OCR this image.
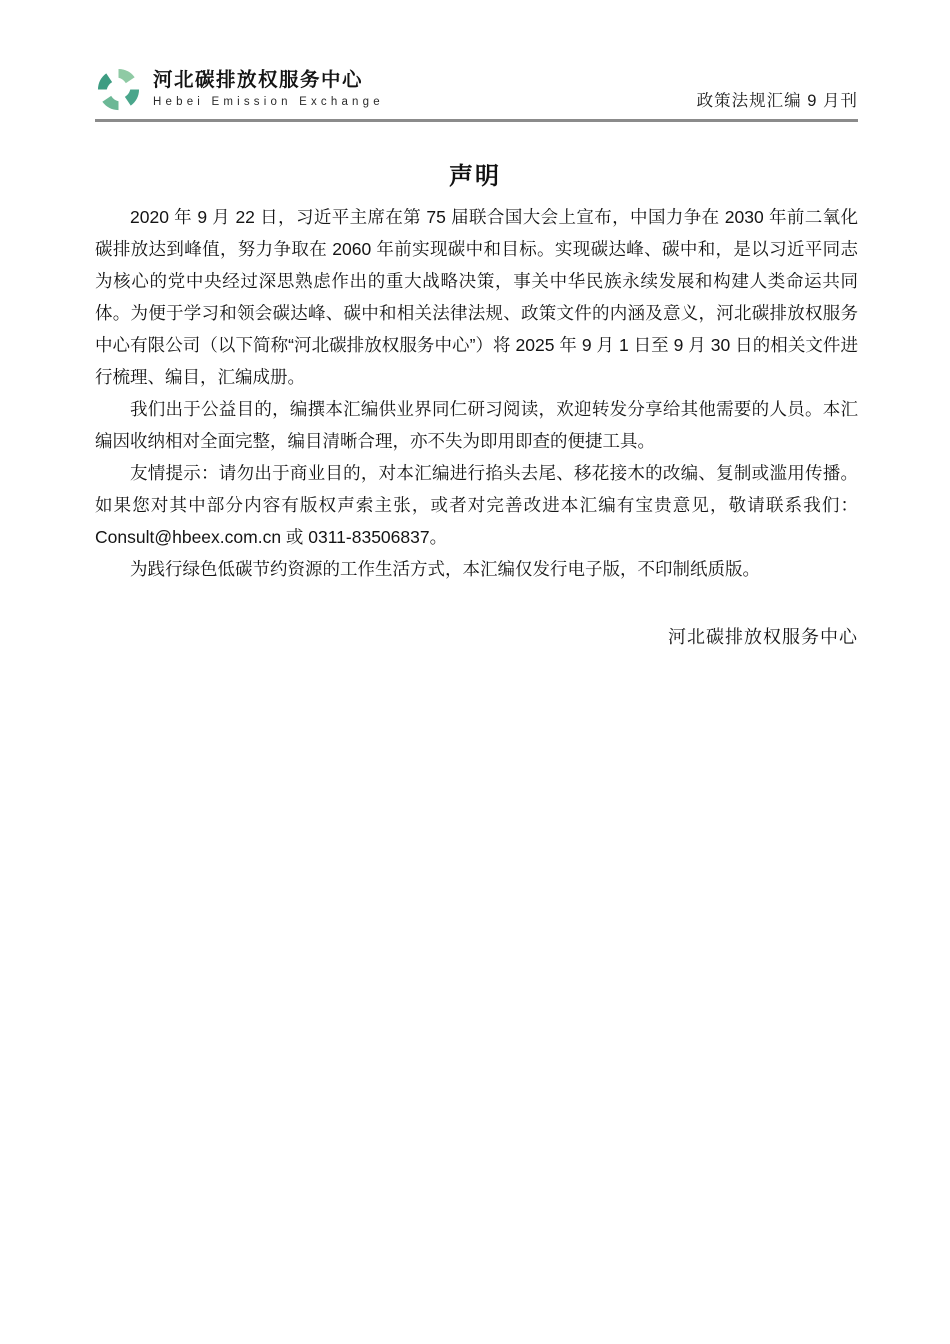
河北碳排放权服务中心
Hebei Emission Exchange	政策法规汇编 9 月刊
声明

2020 年 9 月 22 日，习近平主席在第 75 届联合国大会上宣布，中国力争在 2030 年前二氧化碳排放达到峰值，努力争取在 2060 年前实现碳中和目标。实现碳达峰、碳中和，是以习近平同志为核心的党中央经过深思熟虑作出的重大战略决策，事关中华民族永续发展和构建人类命运共同体。为便于学习和领会碳达峰、碳中和相关法律法规、政策文件的内涵及意义，河北碳排放权服务中心有限公司（以下简称“河北碳排放权服务中心”）将 2025 年 9 月 1 日至 9 月 30 日的相关文件进行梳理、编目，汇编成册。

我们出于公益目的，编撰本汇编供业界同仁研习阅读，欢迎转发分享给其他需要的人员。本汇编因收纳相对全面完整，编目清晰合理，亦不失为即用即查的便捷工具。

友情提示：请勿出于商业目的，对本汇编进行掐头去尾、移花接木的改编、复制或滥用传播。如果您对其中部分内容有版权声索主张，或者对完善改进本汇编有宝贵意见，敬请联系我们：Consult@hbeex.com.cn 或 0311-83506837。

为践行绿色低碳节约资源的工作生活方式，本汇编仅发行电子版，不印制纸质版。

河北碳排放权服务中心
